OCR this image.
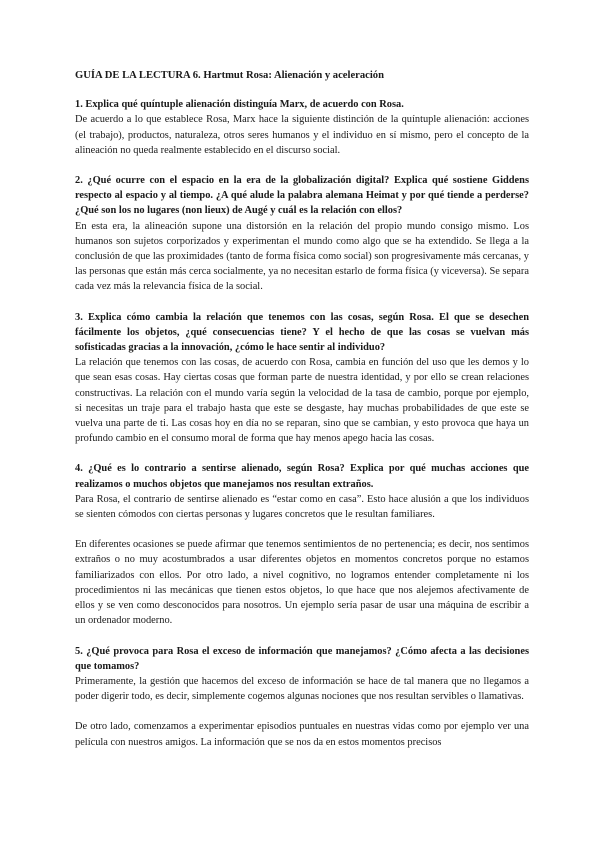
GUÍA DE LA LECTURA 6. Hartmut Rosa: Alienación y aceleración
1. Explica qué quíntuple alienación distinguía Marx, de acuerdo con Rosa.
De acuerdo a lo que establece Rosa, Marx hace la siguiente distinción de la quíntuple alienación: acciones (el trabajo), productos, naturaleza, otros seres humanos y el individuo en sí mismo, pero el concepto de la alineación no queda realmente establecido en el discurso social.
2. ¿Qué ocurre con el espacio en la era de la globalización digital? Explica qué sostiene Giddens respecto al espacio y al tiempo. ¿A qué alude la palabra alemana Heimat y por qué tiende a perderse? ¿Qué son los no lugares (non lieux) de Augé y cuál es la relación con ellos?
En esta era, la alineación supone una distorsión en la relación del propio mundo consigo mismo. Los humanos son sujetos corporizados y experimentan el mundo como algo que se ha extendido. Se llega a la conclusión de que las proximidades (tanto de forma física como social) son progresivamente más cercanas, y las personas que están más cerca socialmente, ya no necesitan estarlo de forma física (y viceversa). Se separa cada vez más la relevancia física de la social.
3. Explica cómo cambia la relación que tenemos con las cosas, según Rosa. El que se desechen fácilmente los objetos, ¿qué consecuencias tiene? Y el hecho de que las cosas se vuelvan más sofisticadas gracias a la innovación, ¿cómo le hace sentir al individuo?
La relación que tenemos con las cosas, de acuerdo con Rosa, cambia en función del uso que les demos y lo que sean esas cosas. Hay ciertas cosas que forman parte de nuestra identidad, y por ello se crean relaciones constructivas. La relación con el mundo varía según la velocidad de la tasa de cambio, porque por ejemplo, si necesitas un traje para el trabajo hasta que este se desgaste, hay muchas probabilidades de que este se vuelva una parte de ti. Las cosas hoy en día no se reparan, sino que se cambian, y esto provoca que haya un profundo cambio en el consumo moral de forma que hay menos apego hacia las cosas.
4. ¿Qué es lo contrario a sentirse alienado, según Rosa? Explica por qué muchas acciones que realizamos o muchos objetos que manejamos nos resultan extraños.
Para Rosa, el contrario de sentirse alienado es “estar como en casa”. Esto hace alusión a que los individuos se sienten cómodos con ciertas personas y lugares concretos que le resultan familiares.
En diferentes ocasiones se puede afirmar que tenemos sentimientos de no pertenencia; es decir, nos sentimos extraños o no muy acostumbrados a usar diferentes objetos en momentos concretos porque no estamos familiarizados con ellos. Por otro lado, a nivel cognitivo, no logramos entender completamente ni los procedimientos ni las mecánicas que tienen estos objetos, lo que hace que nos alejemos afectivamente de ellos y se ven como desconocidos para nosotros. Un ejemplo sería pasar de usar una máquina de escribir a un ordenador moderno.
5. ¿Qué provoca para Rosa el exceso de información que manejamos? ¿Cómo afecta a las decisiones que tomamos?
Primeramente, la gestión que hacemos del exceso de información se hace de tal manera que no llegamos a poder digerir todo, es decir, simplemente cogemos algunas nociones que nos resultan servibles o llamativas.
De otro lado, comenzamos a experimentar episodios puntuales en nuestras vidas como por ejemplo ver una película con nuestros amigos. La información que se nos da en estos momentos precisos
